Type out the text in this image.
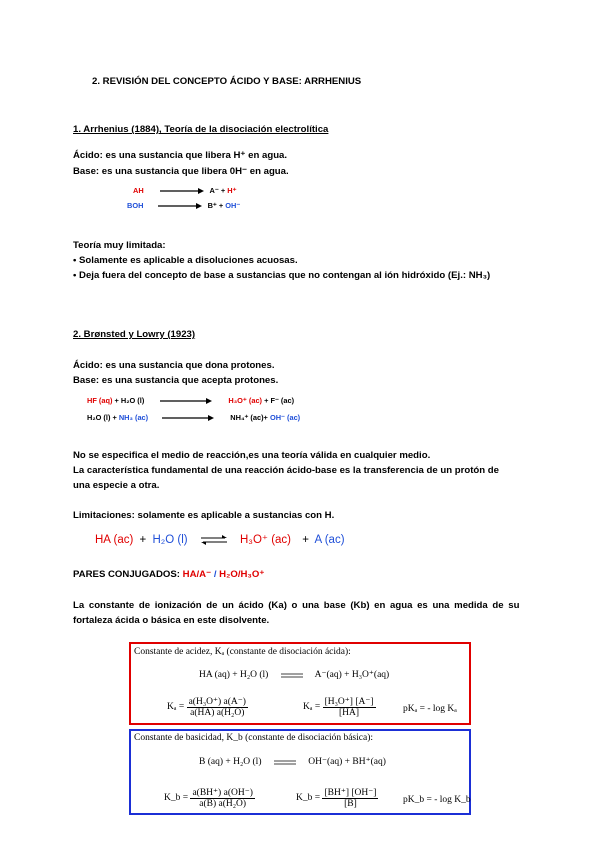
2. REVISIÓN DEL CONCEPTO ÁCIDO Y BASE: ARRHENIUS
1. Arrhenius (1884), Teoría de la disociación electrolítica
Ácido: es una sustancia que libera H⁺ en agua.
Base: es una sustancia que libera 0H⁻ en agua.
AH	A⁻ + H⁺
BOH	B⁺ + OH⁻
Teoría muy limitada:
• Solamente es aplicable a disoluciones acuosas.
• Deja fuera del concepto de base a sustancias que no contengan al ión hidróxido (Ej.: NH₃)
2. Brønsted y Lowry (1923)
Ácido: es una sustancia que dona protones.
Base: es una sustancia que acepta protones.
HF (aq) + H₂O (l)	H₃O⁺ (ac) + F⁻ (ac)
H₂O (l) + NH₃ (ac)	NH₄⁺ (ac)+ OH⁻ (ac)
No se especifica el medio de reacción,es una teoría válida en cualquier medio.
La característica fundamental de una reacción ácido-base es la transferencia de un protón de
una especie a otra.
Limitaciones: solamente es aplicable a sustancias con H.
HA (ac) + H₂O (l) ⇌ H₃O⁺ (ac) + A (ac)
PARES CONJUGADOS: HA/A⁻ / H₂O/H₃O⁺
La constante de ionización de un ácido (Ka) o una base (Kb) en agua es una medida de su
fortaleza ácida o básica en este disolvente.
Constante de acidez, Kₐ (constante de disociación ácida):
HA (aq) + H₂O (l)	A⁻(aq) + H₃O⁺(aq)
$K_a = \frac{\text{a(H₃O⁺) a(A⁻)}}{\text{a(HA) a(H₂O)}}$	$K_a = \frac{\text{[H₃O⁺] [A⁻]}}{[HA]}$	pKₐ = - log Kₐ
Constante de basicidad, K_b (constante de disociación básica):
B (aq) + H₂O (l)	OH⁻(aq) + BH⁺(aq)
K_b = $\frac{a(BH^+) a(OH^-)}{\text{a(B) a(H₂O)}}$	K_b = $\frac{[BH^+] [OH^-]}{[B]}$	pK_b = - log K_b
